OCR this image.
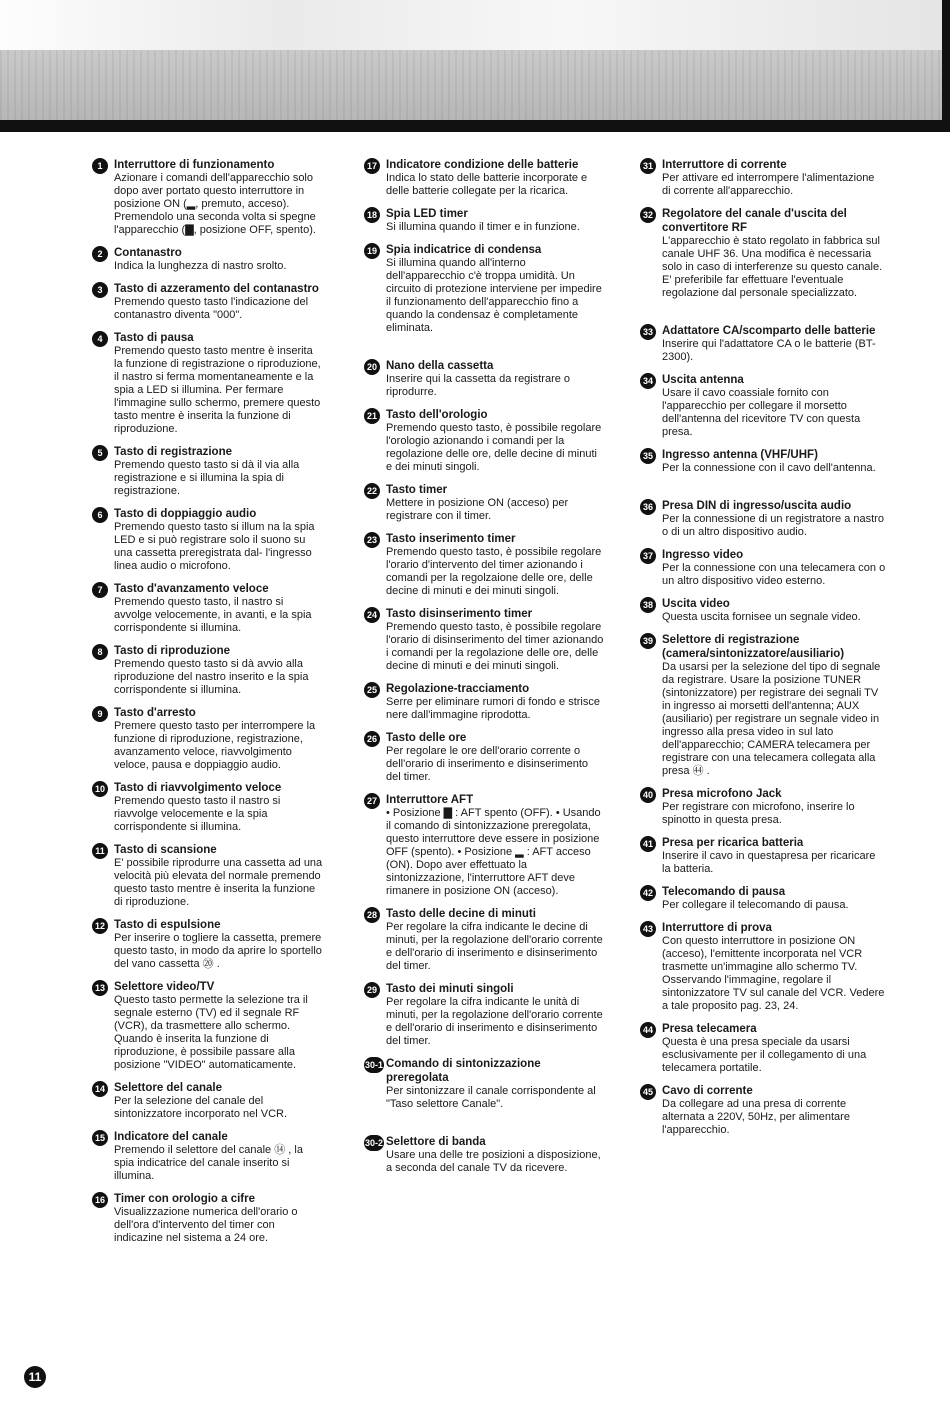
1	Interruttore di funzionamento

Azionare i comandi dell'apparecchio solo dopo aver portato questo interruttore in posizione ON (▂, premuto, acceso). Premendolo una seconda volta si spegne l'apparecchio (▇, posizione OFF, spento).

2	Contanastro

Indica la lunghezza di nastro srolto.

3	Tasto di azzeramento del contanastro

Premendo questo tasto l'indicazione del contanastro diventa "000".

4	Tasto di pausa

Premendo questo tasto mentre è inserita la funzione di registrazione o riproduzione, il nastro si ferma momentaneamente e la spia a LED si illumina. Per fermare l'immagine sullo schermo, premere questo tasto mentre è inserita la funzione di riproduzione.

5	Tasto di registrazione

Premendo questo tasto si dà il via alla registrazione e si illumina la spia di registrazione.

6	Tasto di doppiaggio audio

Premendo questo tasto si illum na la spia LED e si può registrare solo il suono su una cassetta preregistrata dal- l'ingresso linea audio o microfono.

7	Tasto d'avanzamento veloce

Premendo questo tasto, il nastro si avvolge velocemente, in avanti, e la spia corrispondente si illumina.

8	Tasto di riproduzione

Premendo questo tasto si dà avvio alla riproduzione del nastro inserito e la spia corrispondente si illumina.

9	Tasto d'arresto

Premere questo tasto per interrompere la funzione di riproduzione, registrazione, avanzamento veloce, riavvolgimento veloce, pausa e doppiaggio audio.

10 Tasto di riavvolgimento veloce

Premendo questo tasto il nastro si riavvolge velocemente e la spia corrispondente si illumina.

11 Tasto di scansione

E' possibile riprodurre una cassetta ad una velocità più elevata del normale premendo questo tasto mentre è inserita la funzione di riproduzione.

12 Tasto di espulsione

Per inserire o togliere la cassetta, premere questo tasto, in modo da aprire lo sportello del vano cassetta ⑳ .

13 Selettore video/TV

Questo tasto permette la selezione tra il segnale esterno (TV) ed il segnale RF (VCR), da trasmettere allo schermo. Quando è inserita la funzione di riproduzione, è possibile passare alla posizione "VIDEO" automaticamente.

14 Selettore del canale

Per la selezione del canale del sintonizzatore incorporato nel VCR.

15 Indicatore del canale

Premendo il selettore del canale ⑭ , la spia indicatrice del canale inserito si illumina.

16 Timer con orologio a cifre

Visualizzazione numerica dell'orario o dell'ora d'intervento del timer con indicazine nel sistema a 24 ore.

17 Indicatore condizione delle batterie

Indica lo stato delle batterie incorporate e delle batterie collegate per la ricarica.

18 Spia LED timer

Si illumina quando il timer e in funzione.

19 Spia indicatrice di condensa

Si illumina quando all'interno dell'apparecchio c'è troppa umidità. Un circuito di protezione interviene per impedire il funzionamento dell'apparecchio fino a quando la condensaz è completamente eliminata.

20 Nano della cassetta

Inserire qui la cassetta da registrare o riprodurre.

21 Tasto dell'orologio

Premendo questo tasto, è possibile regolare l'orologio azionando i comandi per la regolazione delle ore, delle decine di minuti e dei minuti singoli.

22 Tasto timer

Mettere in posizione ON (acceso) per registrare con il timer.

23 Tasto inserimento timer

Premendo questo tasto, è possibile regolare l'orario d'intervento del timer azionando i comandi per la regolzaione delle ore, delle decine di minuti e dei minuti singoli.

24 Tasto disinserimento timer

Premendo questo tasto, è possibile regolare l'orario di disinserimento del timer azionando i comandi per la regolazione delle ore, delle decine di minuti e dei minuti singoli.

25 Regolazione-tracciamento

Serre per eliminare rumori di fondo e strisce nere dall'immagine riprodotta.

26 Tasto delle ore

Per regolare le ore dell'orario corrente o dell'orario di inserimento e disinserimento del timer.

27 Interruttore AFT

• Posizione ▇ : AFT spento (OFF). • Usando il comando di sintonizzazione preregolata, questo interruttore deve essere in posizione OFF (spento). • Posizione ▂ : AFT acceso (ON). Dopo aver effettuato la sintonizzazione, l'interruttore AFT deve rimanere in posizione ON (acceso).

28 Tasto delle decine di minuti

Per regolare la cifra indicante le decine di minuti, per la regolazione dell'orario corrente e dell'orario di inserimento e disinserimento del timer.

29 Tasto dei minuti singoli

Per regolare la cifra indicante le unità di minuti, per la regolazione dell'orario corrente e dell'orario di inserimento e disinserimento del timer.

30-1 Comando di sintonizzazione preregolata

Per sintonizzare il canale corrispondente al "Taso selettore Canale".

30-2 Selettore di banda

Usare una delle tre posizioni a disposizione, a seconda del canale TV da ricevere.

31 Interruttore di corrente

Per attivare ed interrompere l'alimentazione di corrente all'apparecchio.

32 Regolatore del canale d'uscita del convertitore RF

L'apparecchio è stato regolato in fabbrica sul canale UHF 36. Una modifica è necessaria solo in caso di interferenze su questo canale. E' preferibile far effettuare l'eventuale regolazione dal personale specializzato.

33 Adattatore CA/scomparto delle batterie

Inserire qui l'adattatore CA o le batterie (BT-2300).

34 Uscita antenna

Usare il cavo coassiale fornito con l'apparecchio per collegare il morsetto dell'antenna del ricevitore TV con questa presa.

35 Ingresso antenna (VHF/UHF)

Per la connessione con il cavo dell'antenna.

36 Presa DIN di ingresso/uscita audio

Per la connessione di un registratore a nastro o di un altro dispositivo audio.

37 Ingresso video

Per la connessione con una telecamera con o un altro dispositivo video esterno.

38 Uscita video

Questa uscita fornisee un segnale video.

39 Selettore di registrazione (camera/sintonizzatore/ausiliario)

Da usarsi per la selezione del tipo di segnale da registrare. Usare la posizione TUNER (sintonizzatore) per registrare dei segnali TV in ingresso ai morsetti dell'antenna; AUX (ausiliario) per registrare un segnale video in ingresso alla presa video in sul lato dell'apparecchio; CAMERA telecamera per registrare con una telecamera collegata alla presa ㊹ .

40 Presa microfono Jack

Per registrare con microfono, inserire lo spinotto in questa presa.

41 Presa per ricarica batteria

Inserire il cavo in questapresa per ricaricare la batteria.

42 Telecomando di pausa

Per collegare il telecomando di pausa.

43 Interruttore di prova

Con questo interruttore in posizione ON (acceso), l'emittente incorporata nel VCR trasmette un'immagine allo schermo TV. Osservando l'immagine, regolare il sintonizzatore TV sul canale del VCR. Vedere a tale proposito pag. 23, 24.

44 Presa telecamera

Questa è una presa speciale da usarsi esclusivamente per il collegamento di una telecamera portatile.

45 Cavo di corrente

Da collegare ad una presa di corrente alternata a 220V, 50Hz, per alimentare l'apparecchio.

11
